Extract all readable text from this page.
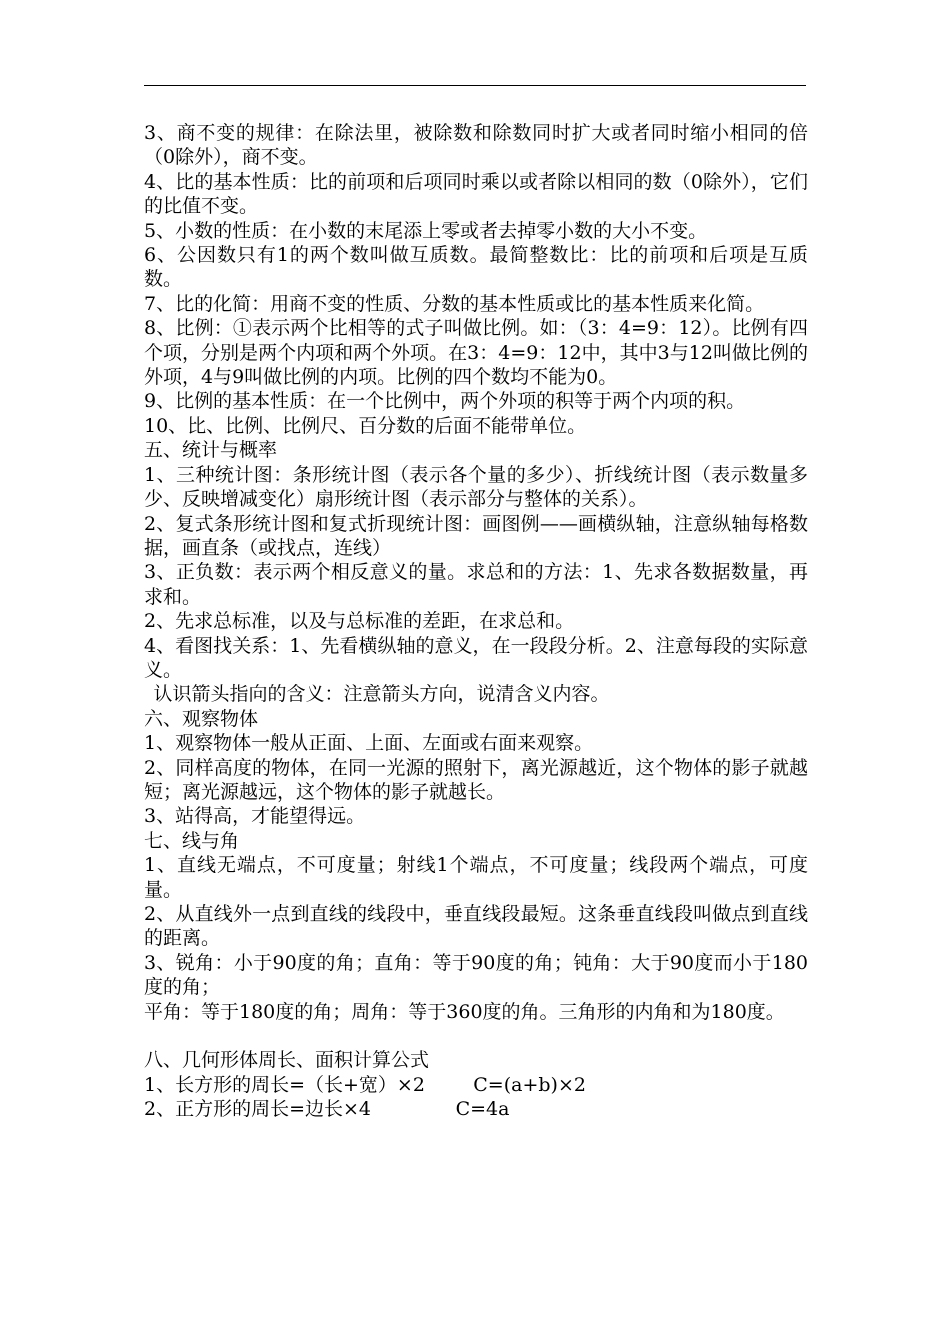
3、商不变的规律：在除法里，被除数和除数同时扩大或者同时缩小相同的倍（0除外），商不变。

4、比的基本性质：比的前项和后项同时乘以或者除以相同的数（0除外），它们的比值不变。

5、小数的性质：在小数的末尾添上零或者去掉零小数的大小不变。

6、公因数只有1的两个数叫做互质数。最简整数比：比的前项和后项是互质数。

7、比的化简：用商不变的性质、分数的基本性质或比的基本性质来化简。

8、比例：①表示两个比相等的式子叫做比例。如：（3：4=9：12）。比例有四个项，分别是两个内项和两个外项。在3：4=9：12中，其中3与12叫做比例的外项，4与9叫做比例的内项。比例的四个数均不能为0。

9、比例的基本性质：在一个比例中，两个外项的积等于两个内项的积。

10、比、比例、比例尺、百分数的后面不能带单位。

五、统计与概率

1、三种统计图：条形统计图（表示各个量的多少）、折线统计图（表示数量多少、反映增减变化）扇形统计图（表示部分与整体的关系）。

2、复式条形统计图和复式折现统计图：画图例——画横纵轴，注意纵轴每格数据，画直条（或找点，连线）

3、正负数：表示两个相反意义的量。求总和的方法：1、先求各数据数量，再求和。

2、先求总标准，以及与总标准的差距，在求总和。

4、看图找关系：1、先看横纵轴的意义，在一段段分析。2、注意每段的实际意义。

认识箭头指向的含义：注意箭头方向，说清含义内容。

六、观察物体

1、观察物体一般从正面、上面、左面或右面来观察。

2、同样高度的物体，在同一光源的照射下，离光源越近，这个物体的影子就越短；离光源越远，这个物体的影子就越长。

3、站得高，才能望得远。

七、线与角

1、直线无端点，不可度量；射线1个端点，不可度量；线段两个端点，可度量。

2、从直线外一点到直线的线段中，垂直线段最短。这条垂直线段叫做点到直线的距离。

3、锐角：小于90度的角；直角：等于90度的角；钝角：大于90度而小于180度的角；

平角：等于180度的角；周角：等于360度的角。三角形的内角和为180度。

八、几何形体周长、面积计算公式

1、长方形的周长=（长+宽）×2        C=(a+b)×2

2、正方形的周长=边长×4              C=4a
